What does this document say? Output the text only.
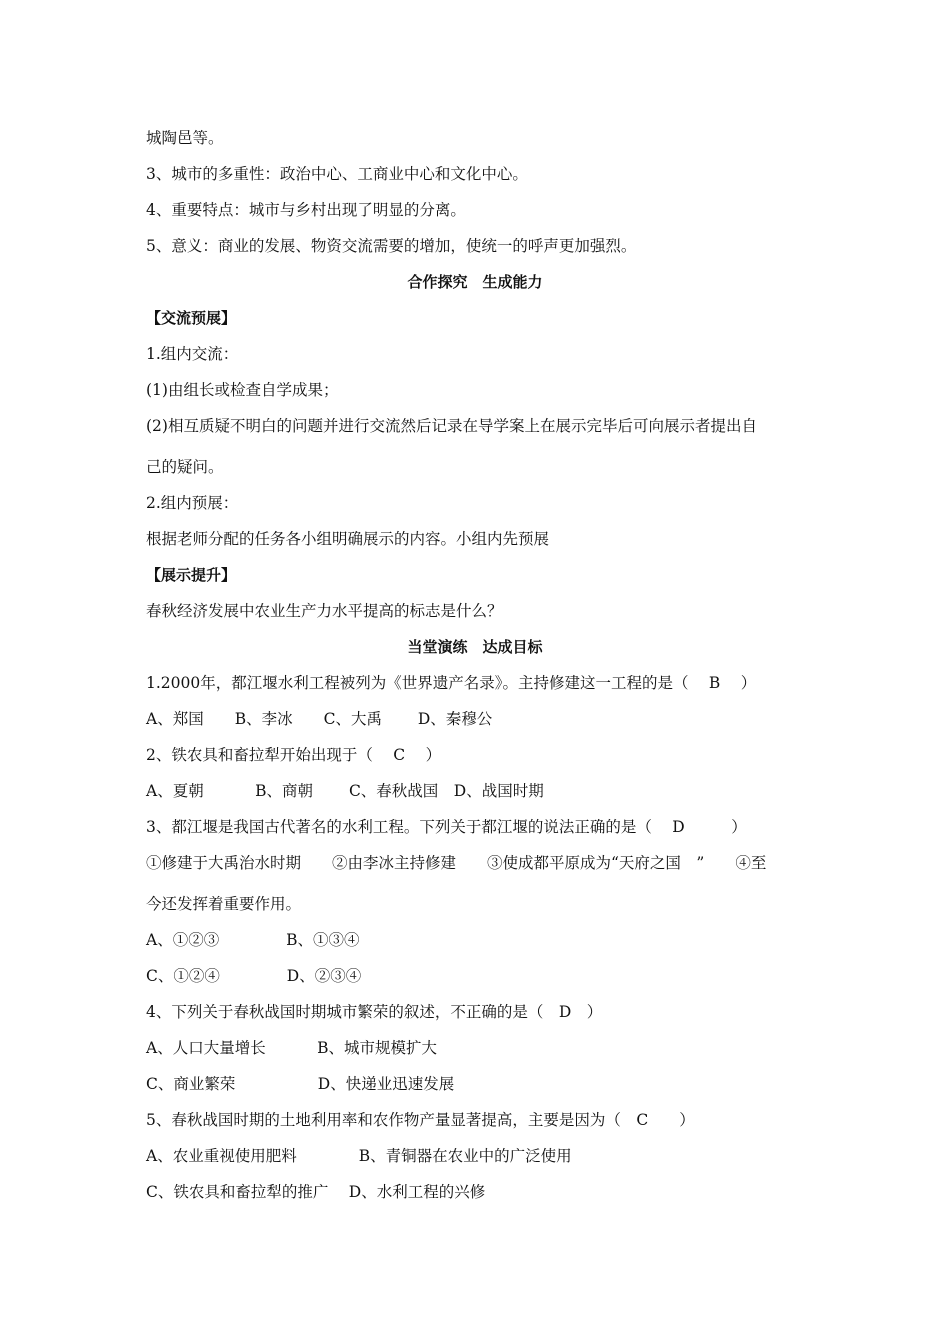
城陶邑等。
3、城市的多重性：政治中心、工商业中心和文化中心。
4、重要特点：城市与乡村出现了明显的分离。
5、意义：商业的发展、物资交流需要的增加，使统一的呼声更加强烈。
合作探究　生成能力
【交流预展】
1.组内交流：
(1)由组长或检查自学成果；
(2)相互质疑不明白的问题并进行交流然后记录在导学案上在展示完毕后可向展示者提出自
己的疑问。
2.组内预展：
根据老师分配的任务各小组明确展示的内容。小组内先预展
【展示提升】
春秋经济发展中农业生产力水平提高的标志是什么？
当堂演练　达成目标
1.2000年，都江堰水利工程被列为《世界遗产名录》。主持修建这一工程的是（　 B　 ）
A、郑国　　B、李冰　　C、大禹　　 D、秦穆公
2、铁农具和畜拉犁开始出现于（　 C　 ）
A、夏朝　　　 B、商朝　　 C、春秋战国　D、战国时期
3、都江堰是我国古代著名的水利工程。下列关于都江堰的说法正确的是（　 D　　　）
①修建于大禹治水时期　　②由李冰主持修建　　③使成都平原成为“天府之国　”　　④至
今还发挥着重要作用。
A、①②③　　　　 B、①③④
C、①②④　　　　 D、②③④
4、下列关于春秋战国时期城市繁荣的叙述，不正确的是（　D　）
A、人口大量增长　　　 B、城市规模扩大
C、商业繁荣　　　　　 D、快递业迅速发展
5、春秋战国时期的土地利用率和农作物产量显著提高，主要是因为（　C　　）
A、农业重视使用肥料　　　　B、青铜器在农业中的广泛使用
C、铁农具和畜拉犁的推广　 D、水利工程的兴修
